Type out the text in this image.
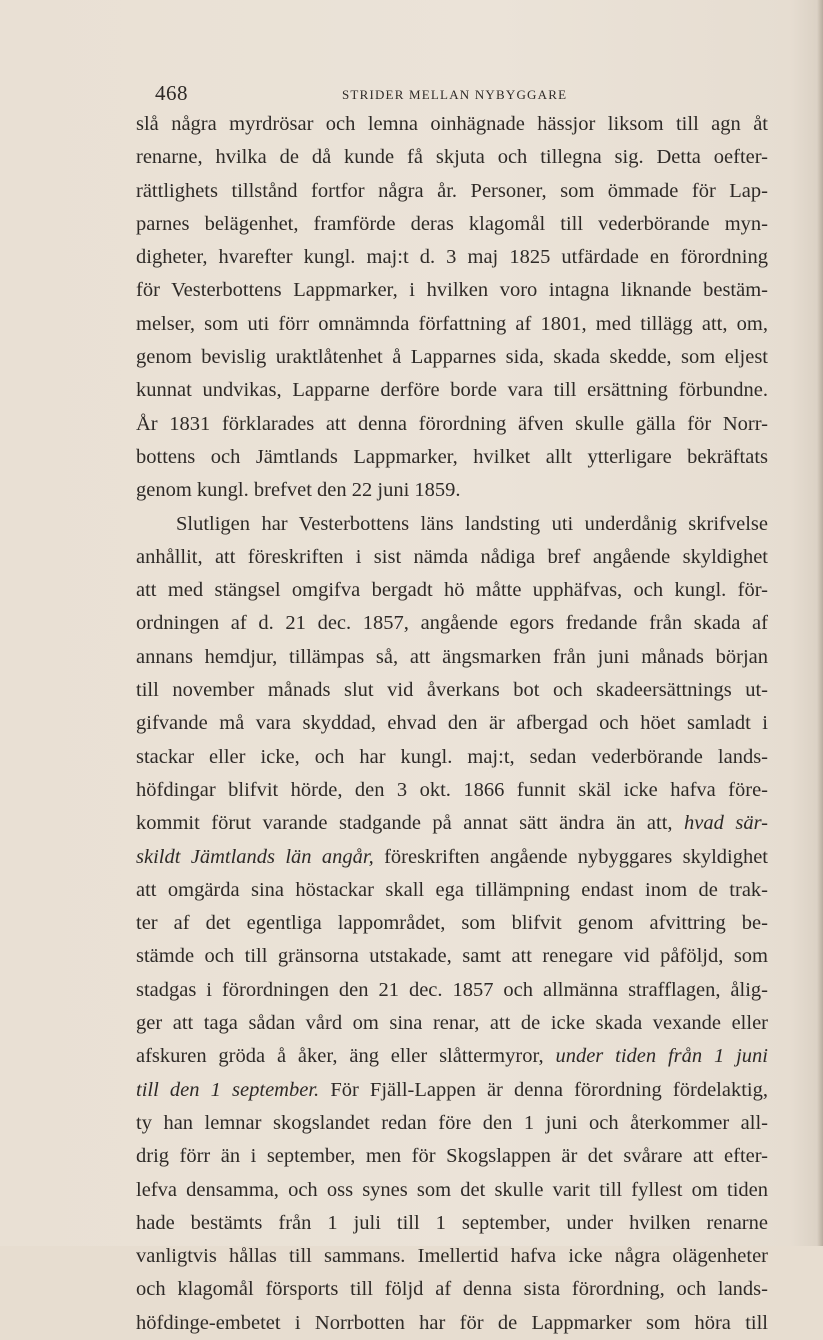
468	STRIDER MELLAN NYBYGGARE
slå några myrdrösar och lemna oinhägnade hässjor liksom till agn åt
renarne, hvilka de då kunde få skjuta och tillegna sig. Detta oefter-
rättlighets tillstånd fortfor några år. Personer, som ömmade för Lap-
parnes belägenhet, framförde deras klagomål till vederbörande myn-
digheter, hvarefter kungl. maj:t d. 3 maj 1825 utfärdade en förordning
för Vesterbottens Lappmarker, i hvilken voro intagna liknande bestäm-
melser, som uti förr omnämnda författning af 1801, med tillägg att, om,
genom bevislig uraktlåtenhet å Lapparnes sida, skada skedde, som eljest
kunnat undvikas, Lapparne derföre borde vara till ersättning förbundne.
År 1831 förklarades att denna förordning äfven skulle gälla för Norr-
bottens och Jämtlands Lappmarker, hvilket allt ytterligare bekräftats
genom kungl. brefvet den 22 juni 1859.
Slutligen har Vesterbottens läns landsting uti underdånig skrifvelse
anhållit, att föreskriften i sist nämda nådiga bref angående skyldighet
att med stängsel omgifva bergadt hö måtte upphäfvas, och kungl. för-
ordningen af d. 21 dec. 1857, angående egors fredande från skada af
annans hemdjur, tillämpas så, att ängsmarken från juni månads början
till november månads slut vid åverkans bot och skadeersättnings ut-
gifvande må vara skyddad, ehvad den är afbergad och höet samladt i
stackar eller icke, och har kungl. maj:t, sedan vederbörande lands-
höfdingar blifvit hörde, den 3 okt. 1866 funnit skäl icke hafva före-
kommit förut varande stadgande på annat sätt ändra än att, hvad sär-
skildt Jämtlands län angår, föreskriften angående nybyggares skyldighet
att omgärda sina höstackar skall ega tillämpning endast inom de trak-
ter af det egentliga lappområdet, som blifvit genom afvittring be-
stämde och till gränsorna utstakade, samt att renegare vid påföljd, som
stadgas i förordningen den 21 dec. 1857 och allmänna strafflagen, ålig-
ger att taga sådan vård om sina renar, att de icke skada vexande eller
afskuren gröda å åker, äng eller slåttermyror, under tiden från 1 juni
till den 1 september. För Fjäll-Lappen är denna förordning fördelaktig,
ty han lemnar skogslandet redan före den 1 juni och återkommer all-
drig förr än i september, men för Skogslappen är det svårare att efter-
lefva densamma, och oss synes som det skulle varit till fyllest om tiden
hade bestämts från 1 juli till 1 september, under hvilken renarne
vanligtvis hållas till sammans. Imellertid hafva icke några olägenheter
och klagomål försports till följd af denna sista förordning, och lands-
höfdinge-embetet i Norrbotten har för de Lappmarker som höra till
